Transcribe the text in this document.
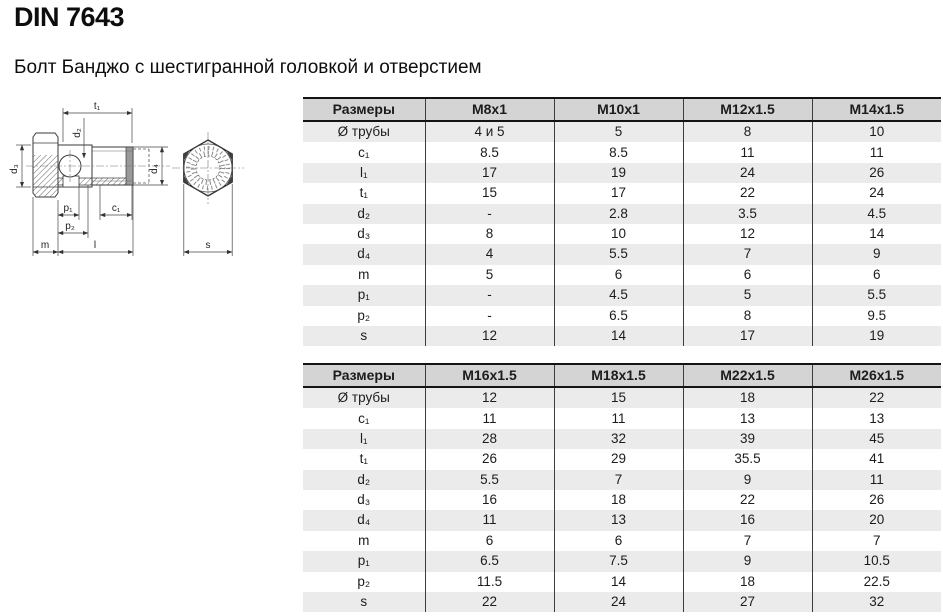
DIN 7643
Болт Банджо с шестигранной головкой и отверстием
t₁
d₂
d₃	d₄
p₁
p₂
c₁
m	l	s
Размеры	M8x1	M10x1	M12x1.5	M14x1.5
Ø трубы	4 и 5	5	8	10
c₁	8.5	8.5	11	11
l₁	17	19	24	26
t₁	15	17	22	24
d₂	-	2.8	3.5	4.5
d₃	8	10	12	14
d₄	4	5.5	7	9
m	5	6	6	6
p₁	-	4.5	5	5.5
p₂	-	6.5	8	9.5
s	12	14	17	19
Размеры	M16x1.5	M18x1.5	M22x1.5	M26x1.5
Ø трубы	12	15	18	22
c₁	11	11	13	13
l₁	28	32	39	45
t₁	26	29	35.5	41
d₂	5.5	7	9	11
d₃	16	18	22	26
d₄	11	13	16	20
m	6	6	7	7
p₁	6.5	7.5	9	10.5
p₂	11.5	14	18	22.5
s	22	24	27	32
